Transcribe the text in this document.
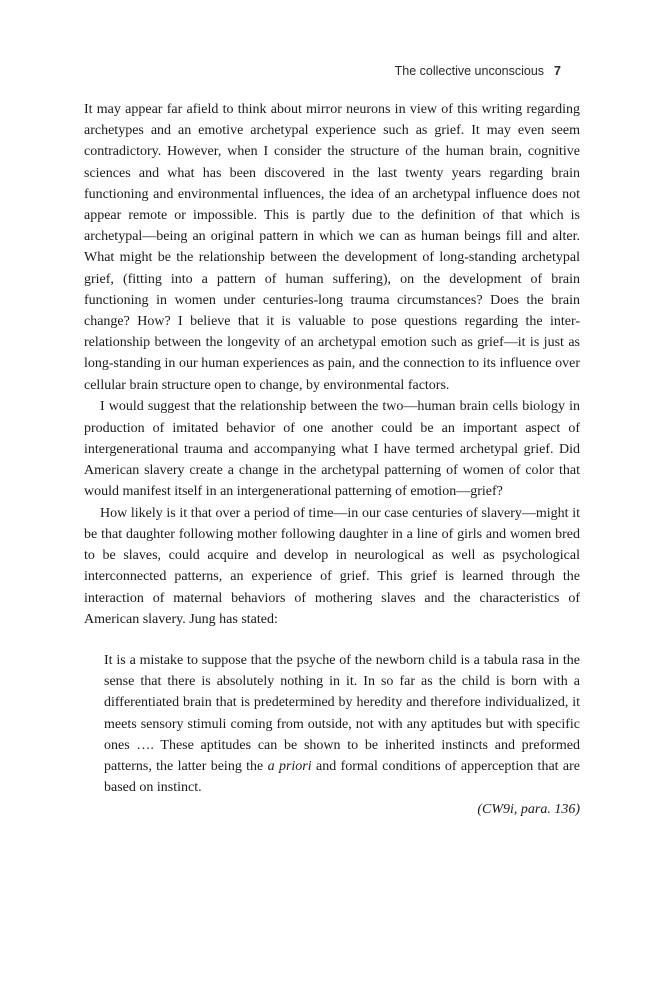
The collective unconscious 7

It may appear far afield to think about mirror neurons in view of this writing regarding archetypes and an emotive archetypal experience such as grief. It may even seem contradictory. However, when I consider the structure of the human brain, cognitive sciences and what has been discovered in the last twenty years regarding brain functioning and environmental influences, the idea of an archetypal influence does not appear remote or impossible. This is partly due to the definition of that which is archetypal—being an original pattern in which we can as human beings fill and alter. What might be the relationship between the development of long-standing archetypal grief, (fitting into a pattern of human suffering), on the development of brain functioning in women under centuries-long trauma circumstances? Does the brain change? How? I believe that it is valuable to pose questions regarding the inter-relationship between the longevity of an archetypal emotion such as grief—it is just as long-standing in our human experiences as pain, and the connection to its influence over cellular brain structure open to change, by environmental factors.

I would suggest that the relationship between the two—human brain cells biology in production of imitated behavior of one another could be an important aspect of intergenerational trauma and accompanying what I have termed archetypal grief. Did American slavery create a change in the archetypal patterning of women of color that would manifest itself in an intergenerational patterning of emotion—grief?

How likely is it that over a period of time—in our case centuries of slavery—might it be that daughter following mother following daughter in a line of girls and women bred to be slaves, could acquire and develop in neurological as well as psychological interconnected patterns, an experience of grief. This grief is learned through the interaction of maternal behaviors of mothering slaves and the characteristics of American slavery. Jung has stated:

It is a mistake to suppose that the psyche of the newborn child is a tabula rasa in the sense that there is absolutely nothing in it. In so far as the child is born with a differentiated brain that is predetermined by heredity and therefore individualized, it meets sensory stimuli coming from outside, not with any aptitudes but with specific ones …. These aptitudes can be shown to be inherited instincts and preformed patterns, the latter being the a priori and formal conditions of apperception that are based on instinct.

(CW9i, para. 136)
